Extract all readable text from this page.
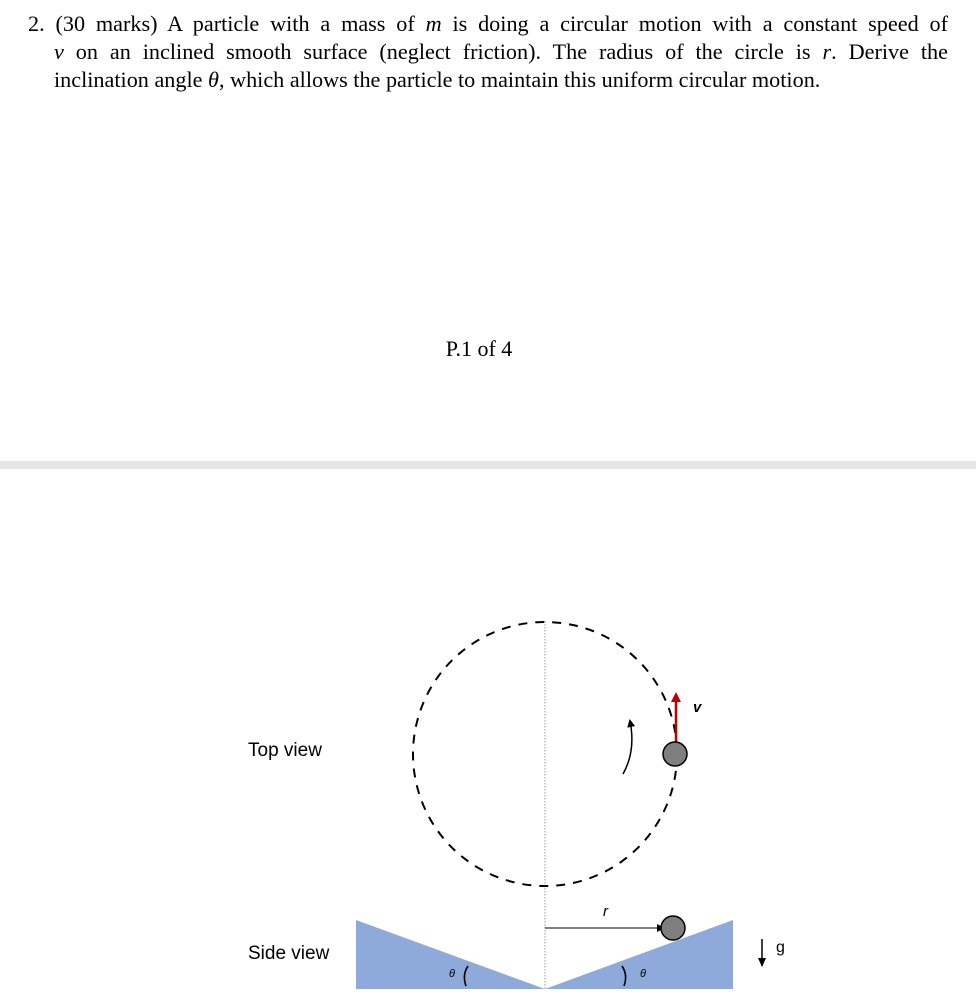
2. (30 marks) A particle with a mass of m is doing a circular motion with a constant speed of
v on an inclined smooth surface (neglect friction). The radius of the circle is r. Derive the
inclination angle θ, which allows the particle to maintain this uniform circular motion.
P.1 of 4
Top view
Side view
v
r
θ	θ
g
